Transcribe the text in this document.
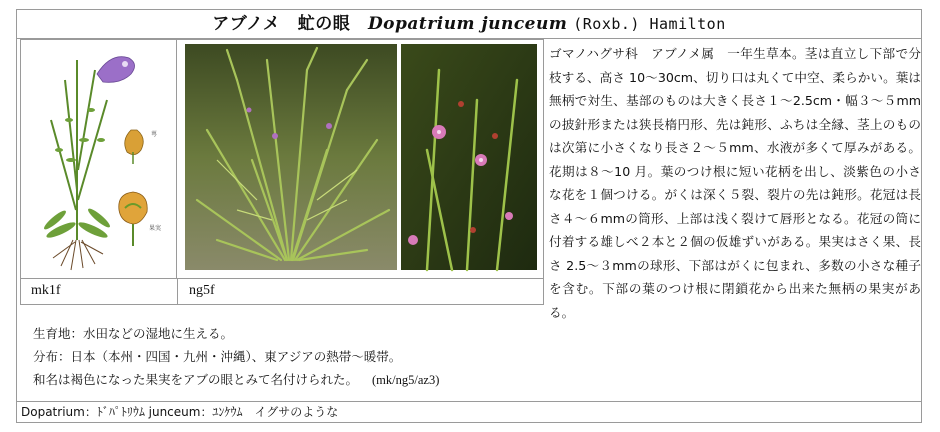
アブノメ　虻の眼 Dopatrium junceum (Roxb.) Hamilton
萼
果実
mk1f	ng5f
ゴマノハグサ科　アブノメ属　一年生草本。茎は直立し下部で分枝する、高さ 10～30cm、切り口は丸くて中空、柔らかい。葉は無柄で対生、基部のものは大きく長さ１～2.5cm・幅３～５mmの披針形または狭長楕円形、先は鈍形、ふちは全縁、茎上のものは次第に小さくなり長さ２～５mm、水液が多くて厚みがある。花期は８～10 月。葉のつけ根に短い花柄を出し、淡紫色の小さな花を１個つける。がくは深く５裂、裂片の先は鈍形。花冠は長さ４～６mmの筒形、上部は浅く裂けて唇形となる。花冠の筒に付着する雄しべ２本と２個の仮雄ずいがある。果実はさく果、長さ 2.5～３mmの球形、下部はがくに包まれ、多数の小さな種子を含む。下部の葉のつけ根に閉鎖花から出来た無柄の果実がある。
生育地：水田などの湿地に生える。
分布：日本（本州・四国・九州・沖縄）、東アジアの熱帯～暖帯。
和名は褐色になった果実をアブの眼とみて名付けられた。 (mk/ng5/az3)
Dopatrium：ﾄﾞﾊﾟﾄﾘｳﾑ junceum：ﾕﾝｹｳﾑ　イグサのような
